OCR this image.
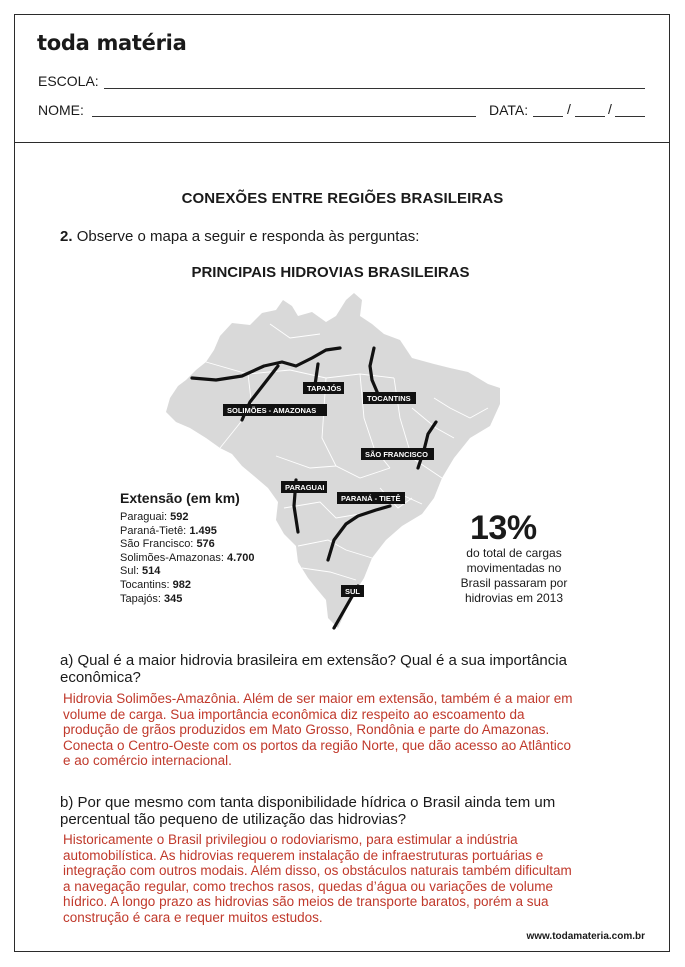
toda matéria
ESCOLA:
NOME:	DATA:	/	/
CONEXÕES ENTRE REGIÕES BRASILEIRAS
2. Observe o mapa a seguir e responda às perguntas:
PRINCIPAIS HIDROVIAS BRASILEIRAS
TAPAJÓS
SOLIMÕES - AMAZONAS
TOCANTINS
SÃO FRANCISCO
PARAGUAI
PARANÁ - TIETÊ
SUL
Extensão (em km)
Paraguai: 592
Paraná-Tietê: 1.495
São Francisco: 576
Solimões-Amazonas: 4.700
Sul: 514
Tocantins: 982
Tapajós: 345
13%
do total de cargas
movimentadas no
Brasil passaram por
hidrovias em 2013
a) Qual é a maior hidrovia brasileira em extensão? Qual é a sua importância
econômica?
Hidrovia Solimões-Amazônia. Além de ser maior em extensão, também é a maior em
volume de carga. Sua importância econômica diz respeito ao escoamento da
produção de grãos produzidos em Mato Grosso, Rondônia e parte do Amazonas.
Conecta o Centro-Oeste com os portos da região Norte, que dão acesso ao Atlântico
e ao comércio internacional.
b) Por que mesmo com tanta disponibilidade hídrica o Brasil ainda tem um
percentual tão pequeno de utilização das hidrovias?
Historicamente o Brasil privilegiou o rodoviarismo, para estimular a indústria
automobilística. As hidrovias requerem instalação de infraestruturas portuárias e
integração com outros modais. Além disso, os obstáculos naturais também dificultam
a navegação regular, como trechos rasos, quedas d’água ou variações de volume
hídrico. A longo prazo as hidrovias são meios de transporte baratos, porém a sua
construção é cara e requer muitos estudos.
www.todamateria.com.br
